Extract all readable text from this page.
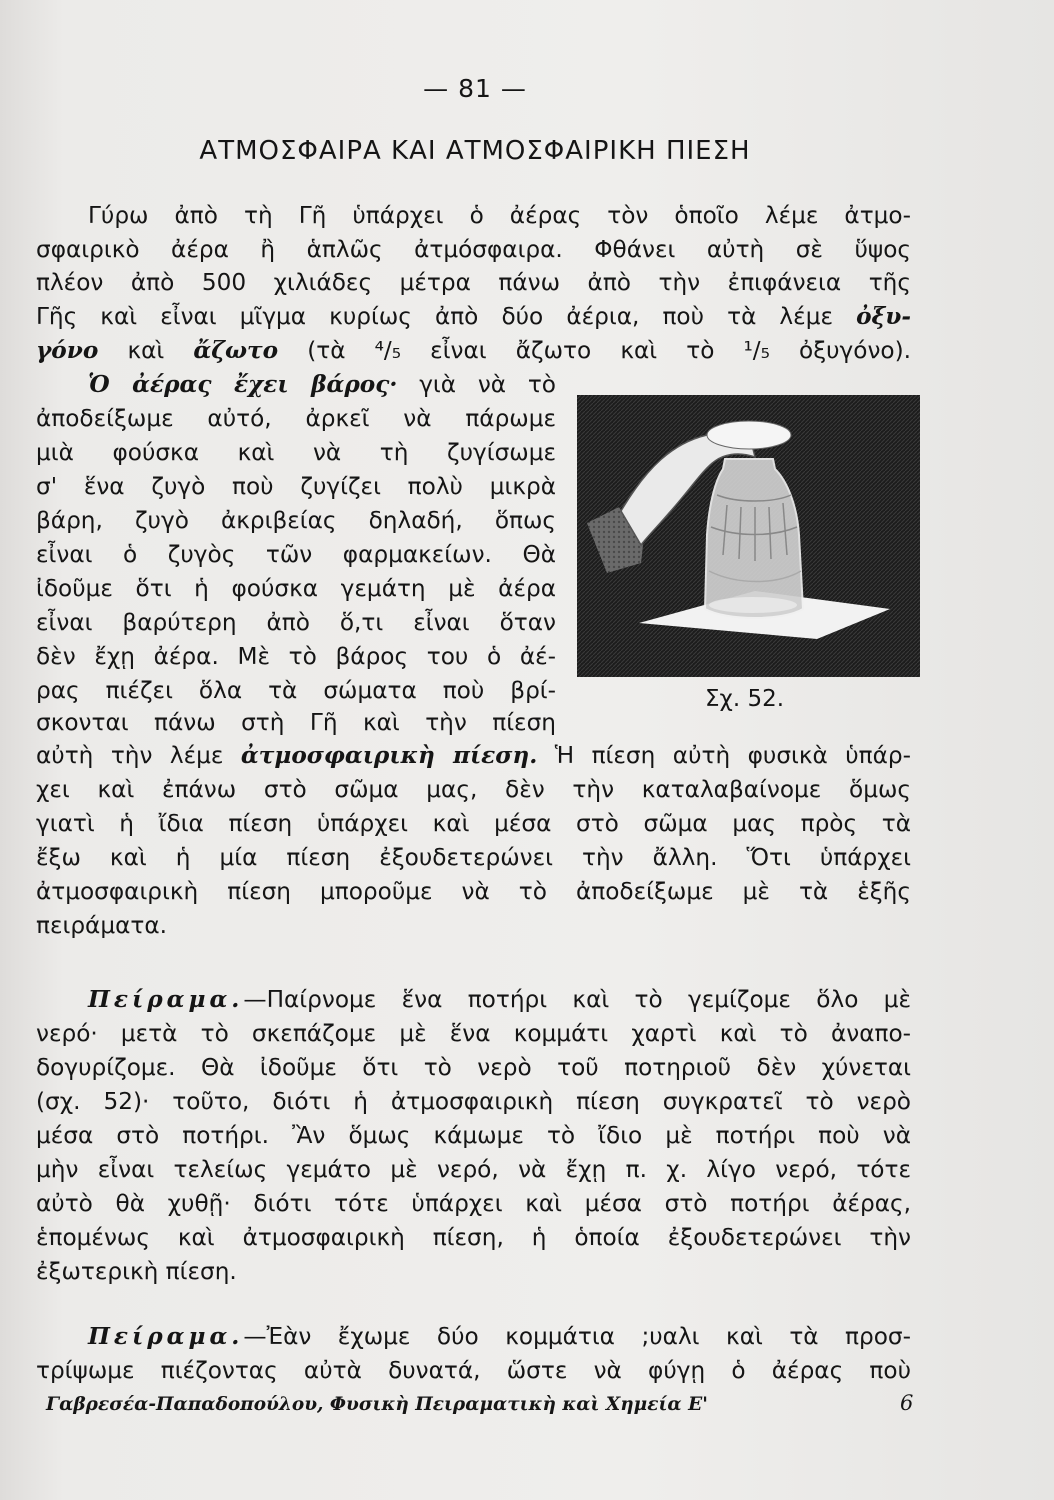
— 81 —
ΑΤΜΟΣΦΑΙΡΑ ΚΑΙ ΑΤΜΟΣΦΑΙΡΙΚΗ ΠΙΕΣΗ
Γύρω ἀπὸ τὴ Γῆ ὑπάρχει ὁ ἀέρας τὸν ὁποῖο λέμε ἀτμο-
σφαιρικὸ ἀέρα ἢ ἁπλῶς ἀτμόσφαιρα. Φθάνει αὐτὴ σὲ ὕψος
πλέον ἀπὸ 500 χιλιάδες μέτρα πάνω ἀπὸ τὴν ἐπιφάνεια τῆς
Γῆς καὶ εἶναι μῖγμα κυρίως ἀπὸ δύο ἀέρια, ποὺ τὰ λέμε ὀξυ-
γόνο καὶ ἄζωτο (τὰ ⁴/₅ εἶναι ἄζωτο καὶ τὸ ¹/₅ ὀξυγόνο).
Ὁ ἀέρας ἔχει βάρος· γιὰ νὰ τὸ
ἀποδείξωμε αὐτό, ἀρκεῖ νὰ πάρωμε
μιὰ φούσκα καὶ νὰ τὴ ζυγίσωμε
σ' ἕνα ζυγὸ ποὺ ζυγίζει πολὺ μικρὰ
βάρη, ζυγὸ ἀκριβείας δηλαδή, ὅπως
εἶναι ὁ ζυγὸς τῶν φαρμακείων. Θὰ
ἰδοῦμε ὅτι ἡ φούσκα γεμάτη μὲ ἀέρα
εἶναι βαρύτερη ἀπὸ ὅ,τι εἶναι ὅταν
δὲν ἔχῃ ἀέρα. Μὲ τὸ βάρος του ὁ ἀέ-
ρας πιέζει ὅλα τὰ σώματα ποὺ βρί-
σκονται πάνω στὴ Γῆ καὶ τὴν πίεση
αὐτὴ τὴν λέμε ἀτμοσφαιρικὴ πίεση. Ἡ πίεση αὐτὴ φυσικὰ ὑπάρ-
χει καὶ ἐπάνω στὸ σῶμα μας, δὲν τὴν καταλαβαίνομε ὅμως
γιατὶ ἡ ἴδια πίεση ὑπάρχει καὶ μέσα στὸ σῶμα μας πρὸς τὰ
ἔξω καὶ ἡ μία πίεση ἐξουδετερώνει τὴν ἄλλη. Ὅτι ὑπάρχει
ἀτμοσφαιρικὴ πίεση μποροῦμε νὰ τὸ ἀποδείξωμε μὲ τὰ ἑξῆς
πειράματα.
Σχ. 52.
Πείραμα.—Παίρνομε ἕνα ποτήρι καὶ τὸ γεμίζομε ὅλο μὲ
νερό· μετὰ τὸ σκεπάζομε μὲ ἕνα κομμάτι χαρτὶ καὶ τὸ ἀναπο-
δογυρίζομε. Θὰ ἰδοῦμε ὅτι τὸ νερὸ τοῦ ποτηριοῦ δὲν χύνεται
(σχ. 52)· τοῦτο, διότι ἡ ἀτμοσφαιρικὴ πίεση συγκρατεῖ τὸ νερὸ
μέσα στὸ ποτήρι. Ἂν ὅμως κάμωμε τὸ ἴδιο μὲ ποτήρι ποὺ νὰ
μὴν εἶναι τελείως γεμάτο μὲ νερό, νὰ ἔχῃ π. χ. λίγο νερό, τότε
αὐτὸ θὰ χυθῇ· διότι τότε ὑπάρχει καὶ μέσα στὸ ποτήρι ἀέρας,
ἑπομένως καὶ ἀτμοσφαιρικὴ πίεση, ἡ ὁποία ἐξουδετερώνει τὴν
ἐξωτερικὴ πίεση.
Πείραμα.—Ἐὰν ἔχωμε δύο κομμάτια ;υαλι καὶ τὰ προσ-
τρίψωμε πιέζοντας αὐτὰ δυνατά, ὥστε νὰ φύγῃ ὁ ἀέρας ποὺ
Γαβρεσέα-Παπαδοπούλου, Φυσικὴ Πειραματικὴ καὶ Χημεία Ε'	6
